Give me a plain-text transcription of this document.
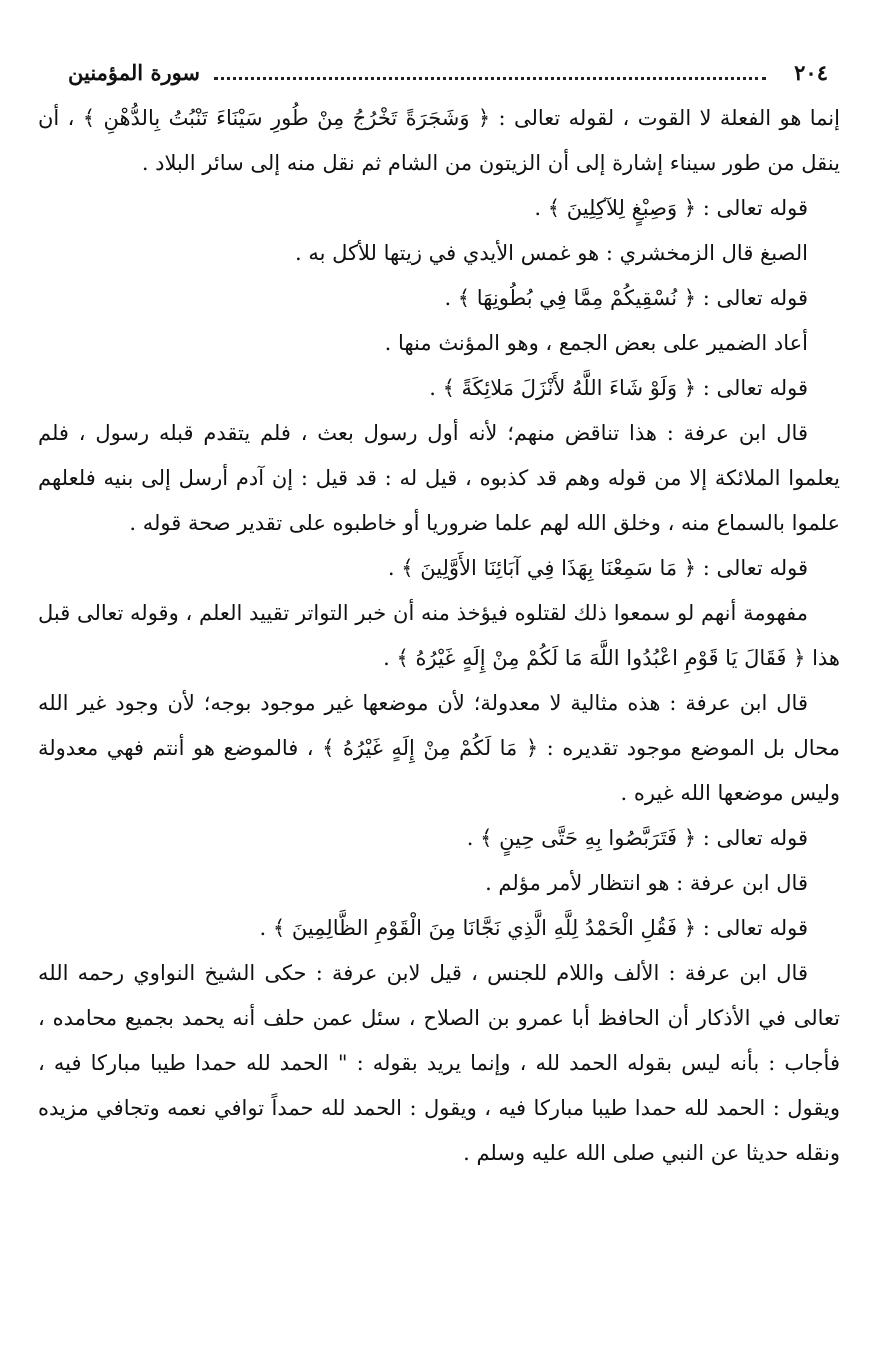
٢٠٤
سورة المؤمنين

إنما هو الفعلة لا القوت ، لقوله تعالى : ﴿ وَشَجَرَةً تَخْرُجُ مِنْ طُورِ سَيْنَاءَ تَنْبُتُ بِالدُّهْنِ ﴾ ، أن ينقل من طور سيناء إشارة إلى أن الزيتون من الشام ثم نقل منه إلى سائر البلاد .

قوله تعالى : ﴿ وَصِبْغٍ لِلآكِلِينَ ﴾ .

الصبغ قال الزمخشري : هو غمس الأيدي في زيتها للأكل به .

قوله تعالى : ﴿ نُسْقِيكُمْ مِمَّا فِي بُطُونِهَا ﴾ .

أعاد الضمير على بعض الجمع ، وهو المؤنث منها .

قوله تعالى : ﴿ وَلَوْ شَاءَ اللَّهُ لأَنْزَلَ مَلائِكَةً ﴾ .

قال ابن عرفة : هذا تناقض منهم؛ لأنه أول رسول بعث ، فلم يتقدم قبله رسول ، فلم يعلموا الملائكة إلا من قوله وهم قد كذبوه ، قيل له : قد قيل : إن آدم أرسل إلى بنيه فلعلهم علموا بالسماع منه ، وخلق الله لهم علما ضروريا أو خاطبوه على تقدير صحة قوله .

قوله تعالى : ﴿ مَا سَمِعْنَا بِهَذَا فِي آبَائِنَا الأَوَّلِينَ ﴾ .

مفهومة أنهم لو سمعوا ذلك لقتلوه فيؤخذ منه أن خبر التواتر تقييد العلم ، وقوله تعالى قبل هذا ﴿ فَقَالَ يَا قَوْمِ اعْبُدُوا اللَّهَ مَا لَكُمْ مِنْ إِلَهٍ غَيْرُهُ ﴾ .

قال ابن عرفة : هذه مثالية لا معدولة؛ لأن موضعها غير موجود بوجه؛ لأن وجود غير الله محال بل الموضع موجود تقديره : ﴿ مَا لَكُمْ مِنْ إِلَهٍ غَيْرُهُ ﴾ ، فالموضع هو أنتم فهي معدولة وليس موضعها الله غيره .

قوله تعالى : ﴿ فَتَرَبَّصُوا بِهِ حَتَّى حِينٍ ﴾ .

قال ابن عرفة : هو انتظار لأمر مؤلم .

قوله تعالى : ﴿ فَقُلِ الْحَمْدُ لِلَّهِ الَّذِي نَجَّانَا مِنَ الْقَوْمِ الظَّالِمِينَ ﴾ .

قال ابن عرفة : الألف واللام للجنس ، قيل لابن عرفة : حكى الشيخ النواوي رحمه الله تعالى في الأذكار أن الحافظ أبا عمرو بن الصلاح ، سئل عمن حلف أنه يحمد بجميع محامده ، فأجاب : بأنه ليس بقوله الحمد لله ، وإنما يريد بقوله : " الحمد لله حمدا طيبا مباركا فيه ، ويقول : الحمد لله حمدا طيبا مباركا فيه ، ويقول : الحمد لله حمداً توافي نعمه وتجافي مزيده ونقله حديثا عن النبي صلى الله عليه وسلم .
